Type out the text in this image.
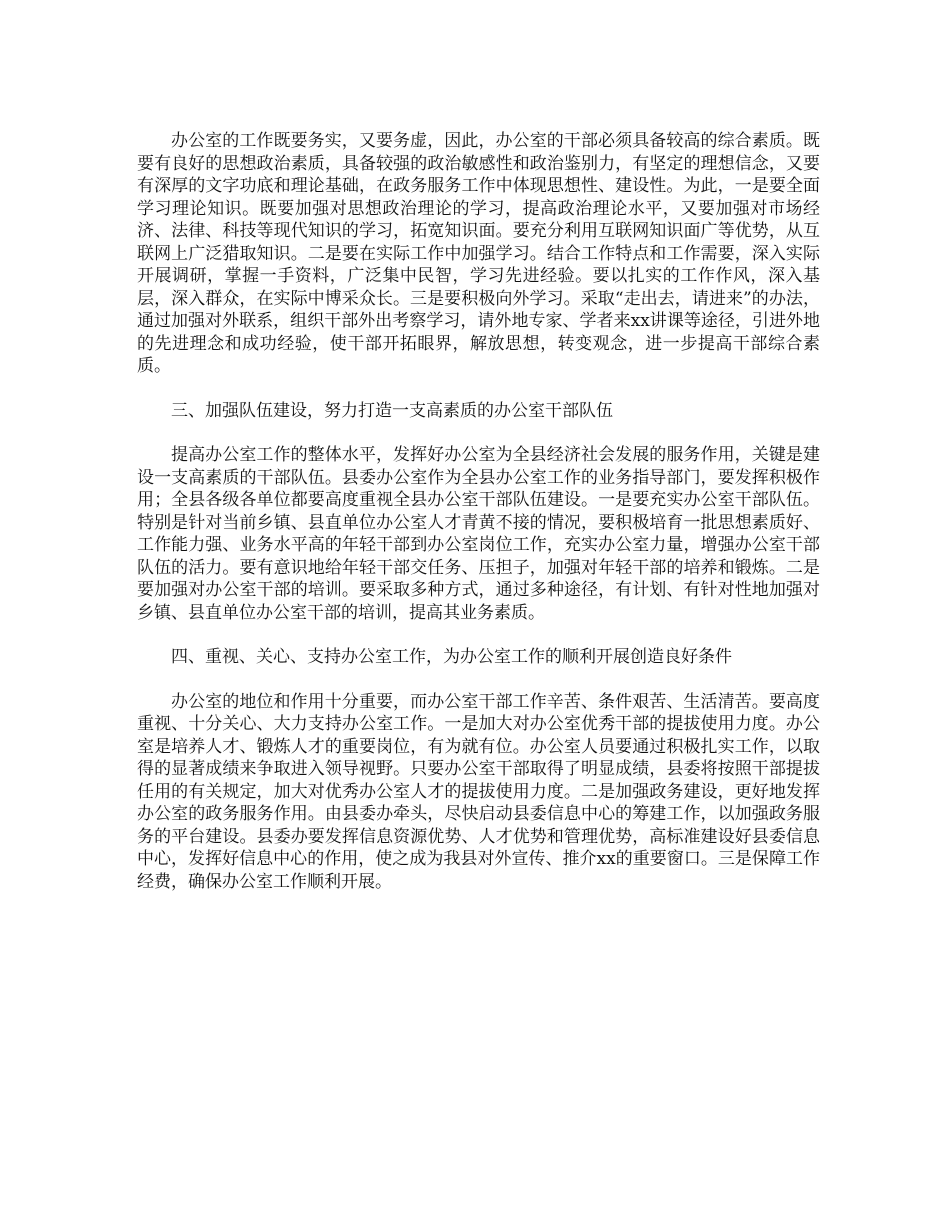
办公室的工作既要务实，又要务虚，因此，办公室的干部必须具备较高的综合素质。既要有良好的思想政治素质，具备较强的政治敏感性和政治鉴别力，有坚定的理想信念，又要有深厚的文字功底和理论基础，在政务服务工作中体现思想性、建设性。为此，一是要全面学习理论知识。既要加强对思想政治理论的学习，提高政治理论水平，又要加强对市场经济、法律、科技等现代知识的学习，拓宽知识面。要充分利用互联网知识面广等优势，从互联网上广泛猎取知识。二是要在实际工作中加强学习。结合工作特点和工作需要，深入实际开展调研，掌握一手资料，广泛集中民智，学习先进经验。要以扎实的工作作风，深入基层，深入群众，在实际中博采众长。三是要积极向外学习。采取“走出去，请进来”的办法，通过加强对外联系，组织干部外出考察学习，请外地专家、学者来xx讲课等途径，引进外地的先进理念和成功经验，使干部开拓眼界，解放思想，转变观念，进一步提高干部综合素质。

三、加强队伍建设，努力打造一支高素质的办公室干部队伍

提高办公室工作的整体水平，发挥好办公室为全县经济社会发展的服务作用，关键是建设一支高素质的干部队伍。县委办公室作为全县办公室工作的业务指导部门，要发挥积极作用；全县各级各单位都要高度重视全县办公室干部队伍建设。一是要充实办公室干部队伍。特别是针对当前乡镇、县直单位办公室人才青黄不接的情况，要积极培育一批思想素质好、工作能力强、业务水平高的年轻干部到办公室岗位工作，充实办公室力量，增强办公室干部队伍的活力。要有意识地给年轻干部交任务、压担子，加强对年轻干部的培养和锻炼。二是要加强对办公室干部的培训。要采取多种方式，通过多种途径，有计划、有针对性地加强对乡镇、县直单位办公室干部的培训，提高其业务素质。

四、重视、关心、支持办公室工作，为办公室工作的顺利开展创造良好条件

办公室的地位和作用十分重要，而办公室干部工作辛苦、条件艰苦、生活清苦。要高度重视、十分关心、大力支持办公室工作。一是加大对办公室优秀干部的提拔使用力度。办公室是培养人才、锻炼人才的重要岗位，有为就有位。办公室人员要通过积极扎实工作，以取得的显著成绩来争取进入领导视野。只要办公室干部取得了明显成绩，县委将按照干部提拔任用的有关规定，加大对优秀办公室人才的提拔使用力度。二是加强政务建设，更好地发挥办公室的政务服务作用。由县委办牵头，尽快启动县委信息中心的筹建工作，以加强政务服务的平台建设。县委办要发挥信息资源优势、人才优势和管理优势，高标准建设好县委信息中心，发挥好信息中心的作用，使之成为我县对外宣传、推介xx的重要窗口。三是保障工作经费，确保办公室工作顺利开展。
